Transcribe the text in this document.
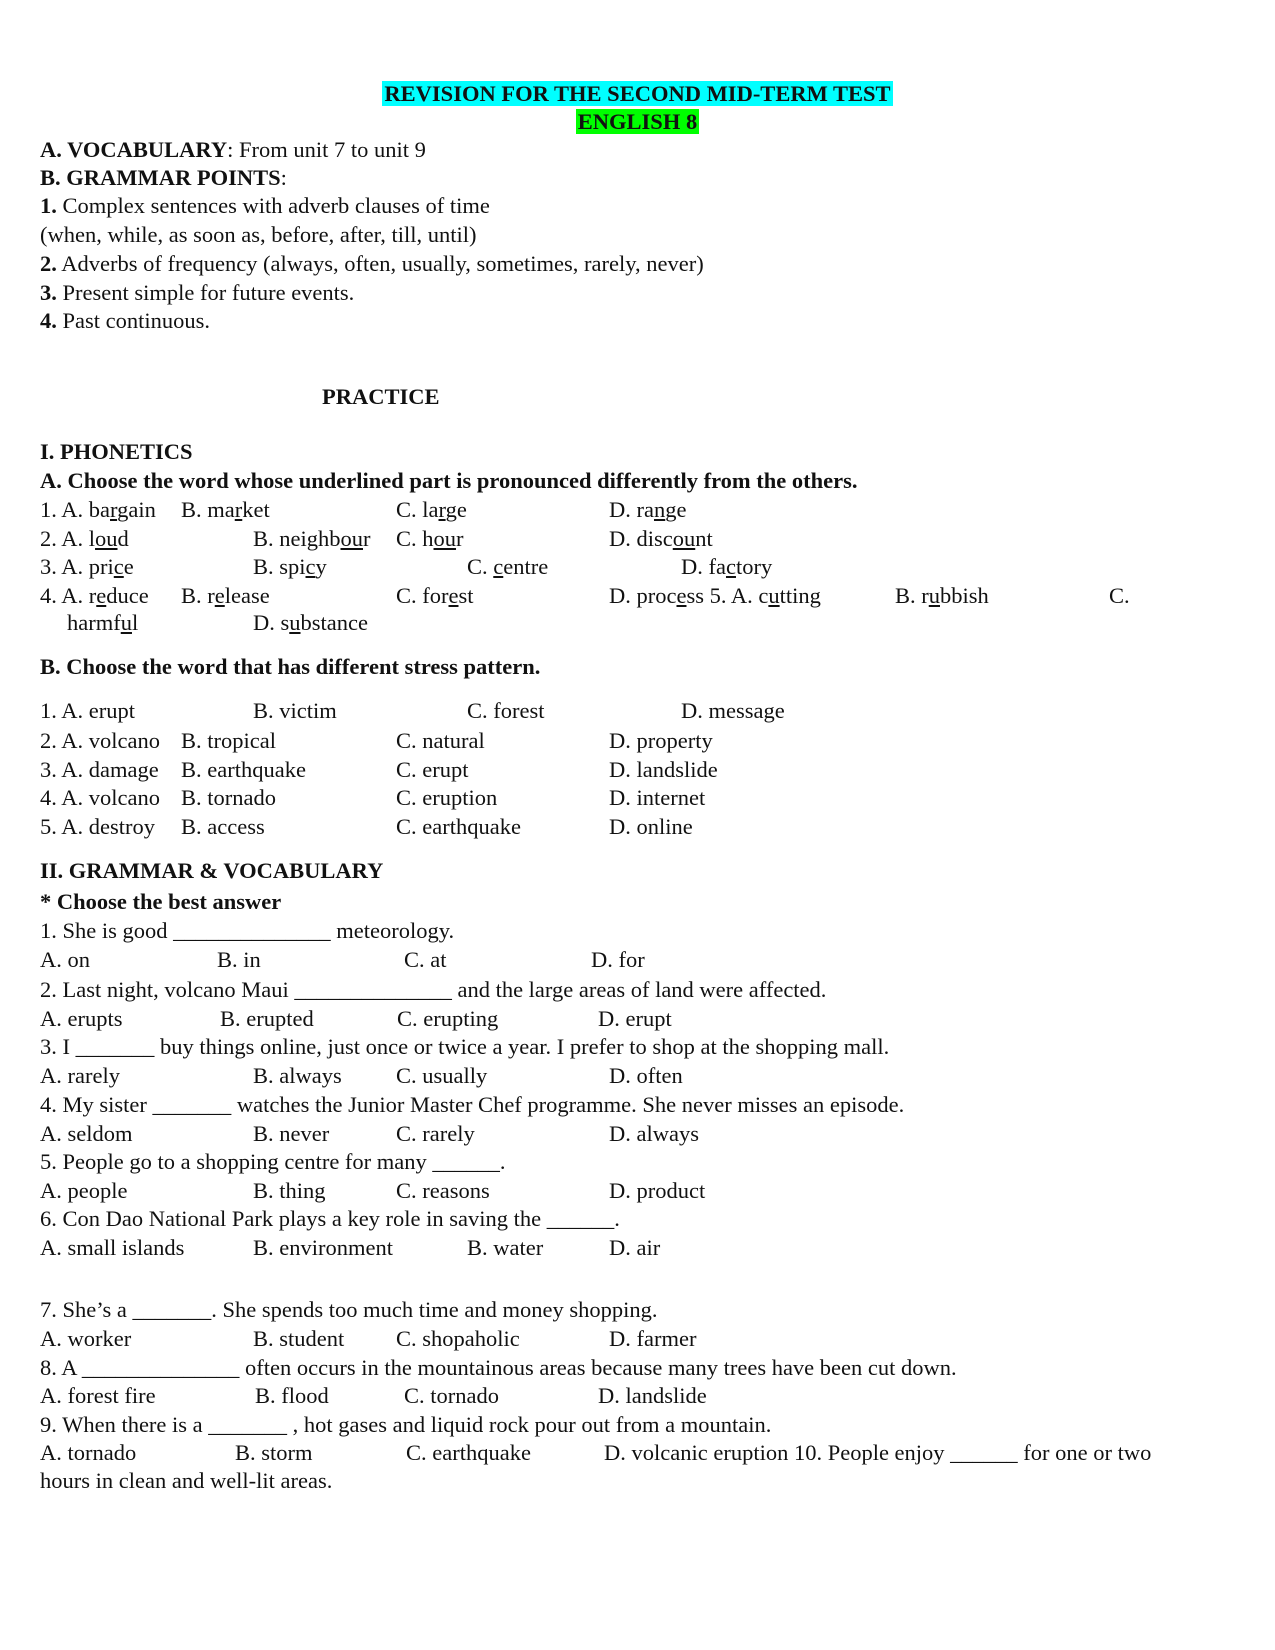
REVISION FOR THE SECOND MID-TERM TEST
ENGLISH 8
A. VOCABULARY: From unit 7 to unit 9
B. GRAMMAR POINTS:
1. Complex sentences with adverb clauses of time
(when, while, as soon as, before, after, till, until)
2. Adverbs of frequency (always, often, usually, sometimes, rarely, never)
3. Present simple for future events.
4. Past continuous.
PRACTICE
I. PHONETICS
A. Choose the word whose underlined part is pronounced differently from the others.
1. A. bargain B. market	C. large	D. range
2. A. loud	B. neighbour C. hour	D. discount
3. A. price	B. spicy	C. centre	D. factory
4. A. reduce B. release	C. forest	D. process 5. A. cutting	B. rubbish	C.
harmful	D. substance
B. Choose the word that has different stress pattern.
1. A. erupt	B. victim	C. forest	D. message
2. A. volcano B. tropical	C. natural	D. property
3. A. damage B. earthquake	C. erupt	D. landslide
4. A. volcano B. tornado	C. eruption	D. internet
5. A. destroy B. access	C. earthquake	D. online
II. GRAMMAR & VOCABULARY
* Choose the best answer
1. She is good ______________ meteorology.
A. on	B. in	C. at	D. for
2. Last night, volcano Maui ______________ and the large areas of land were affected.
A. erupts	B. erupted	C. erupting	D. erupt
3. I _______ buy things online, just once or twice a year. I prefer to shop at the shopping mall.
A. rarely	B. always C. usually	D. often
4. My sister _______ watches the Junior Master Chef programme. She never misses an episode.
A. seldom	B. never	C. rarely	D. always
5. People go to a shopping centre for many ______.
A. people	B. thing	C. reasons	D. product
6. Con Dao National Park plays a key role in saving the ______.
A. small islands	B. environment	B. water	D. air
7. She’s a _______. She spends too much time and money shopping.
A. worker	B. student C. shopaholic	D. farmer
8. A ______________ often occurs in the mountainous areas because many trees have been cut down.
A. forest fire	B. flood	C. tornado	D. landslide
9. When there is a _______ , hot gases and liquid rock pour out from a mountain.
A. tornado	B. storm	C. earthquake	D. volcanic eruption 10. People enjoy ______ for one or two
hours in clean and well-lit areas.
